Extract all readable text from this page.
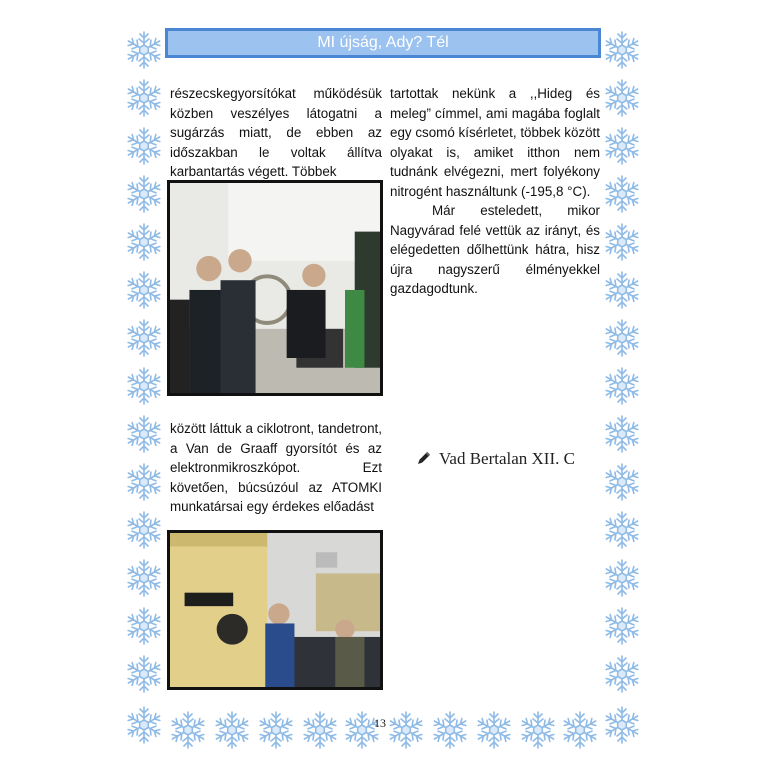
MI újság, Ady? Tél

részecskegyorsítókat működésük közben veszélyes látogatni a sugárzás miatt, de ebben az időszakban le voltak állítva karbantartás végett. Többek

között láttuk a ciklotront, tandetront, a Van de Graaff gyorsítót és az elektronmikroszkópot. Ezt követően, búcsúzóul az ATOMKI munkatársai egy érdekes előadást

tartottak nekünk a ,,Hideg és meleg” címmel, ami magába foglalt egy csomó kísérletet, többek között olyakat is, amiket itthon nem tudnánk elvégezni, mert folyékony nitrogént használtunk (-195,8 °C).

Már esteledett, mikor Nagyvárad felé vettük az irányt, és elégedetten dőlhettünk hátra, hisz újra nagyszerű élményekkel gazdagodtunk.

Vad Bertalan XII. C
13
